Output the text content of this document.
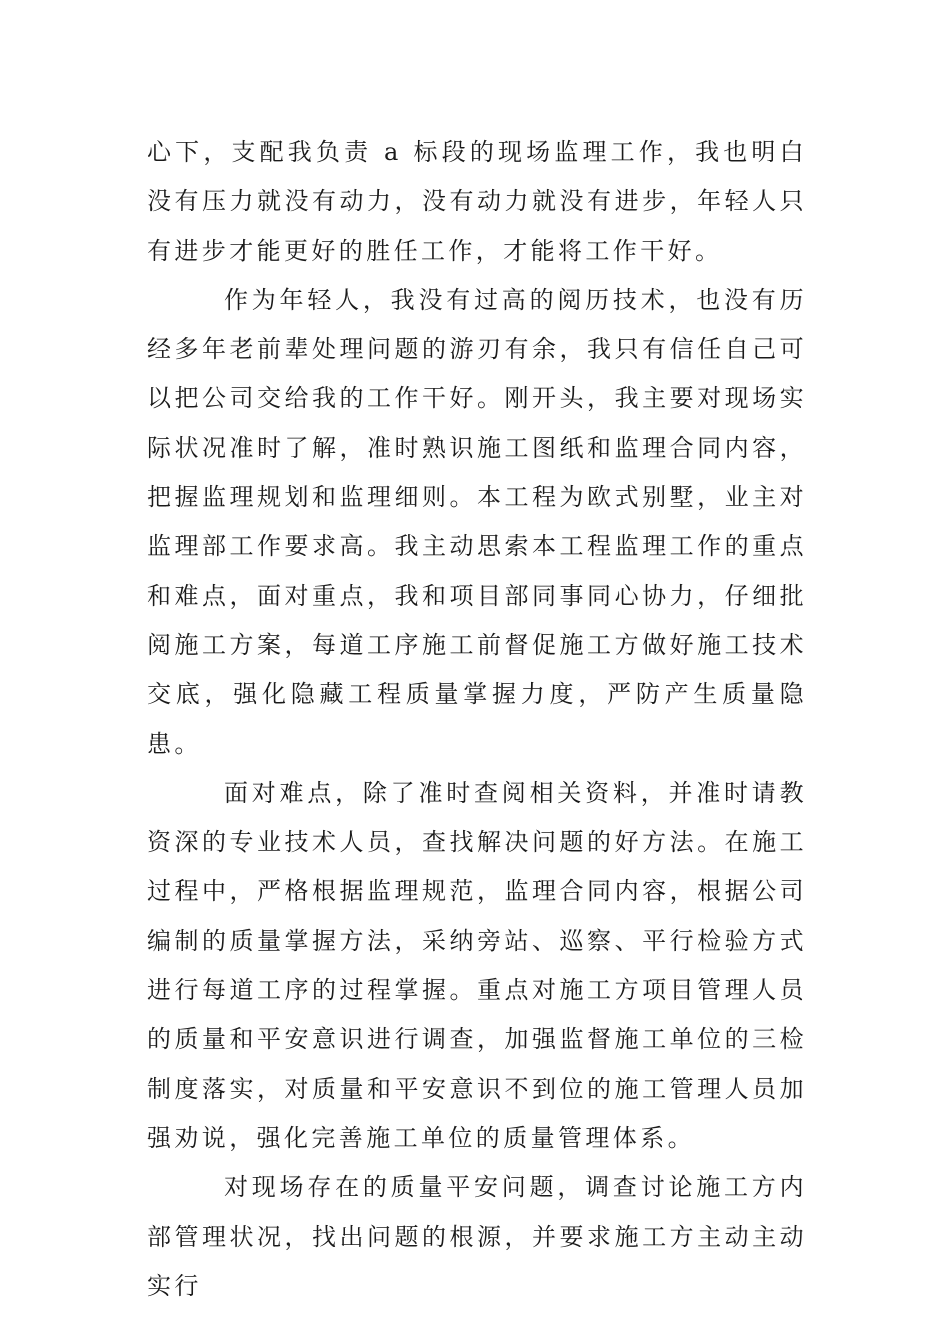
心下，支配我负责 a 标段的现场监理工作，我也明白没有压力就没有动力，没有动力就没有进步，年轻人只有进步才能更好的胜任工作，才能将工作干好。

作为年轻人，我没有过高的阅历技术，也没有历经多年老前辈处理问题的游刃有余，我只有信任自己可以把公司交给我的工作干好。刚开头，我主要对现场实际状况准时了解，准时熟识施工图纸和监理合同内容，把握监理规划和监理细则。本工程为欧式别墅，业主对监理部工作要求高。我主动思索本工程监理工作的重点和难点，面对重点，我和项目部同事同心协力，仔细批阅施工方案，每道工序施工前督促施工方做好施工技术交底，强化隐藏工程质量掌握力度，严防产生质量隐患。

面对难点，除了准时查阅相关资料，并准时请教资深的专业技术人员，查找解决问题的好方法。在施工过程中，严格根据监理规范，监理合同内容，根据公司编制的质量掌握方法，采纳旁站、巡察、平行检验方式进行每道工序的过程掌握。重点对施工方项目管理人员的质量和平安意识进行调查，加强监督施工单位的三检制度落实，对质量和平安意识不到位的施工管理人员加强劝说，强化完善施工单位的质量管理体系。

对现场存在的质量平安问题，调查讨论施工方内部管理状况，找出问题的根源，并要求施工方主动主动实行
